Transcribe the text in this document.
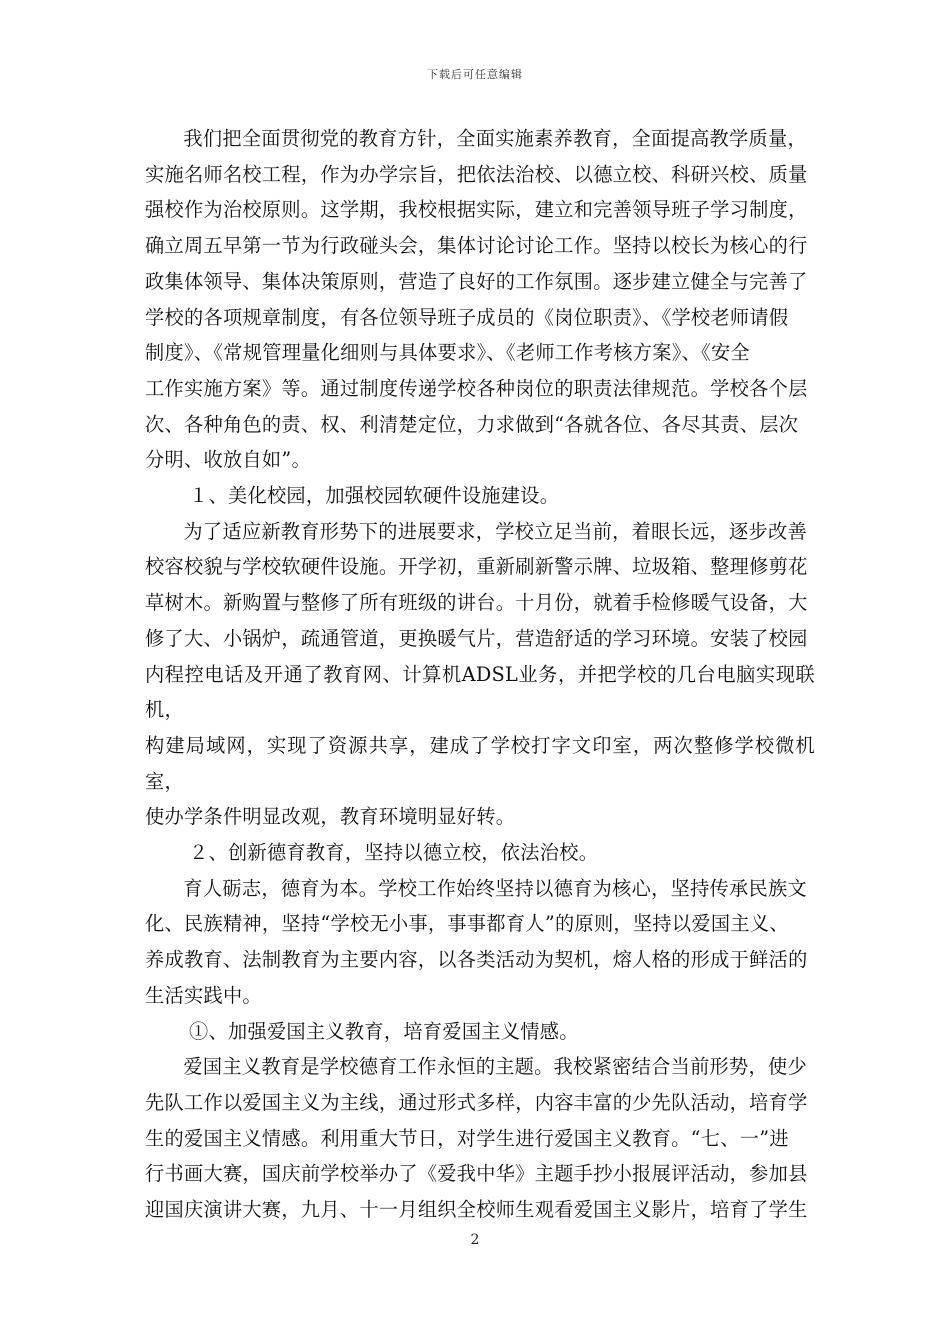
下载后可任意编辑

我们把全面贯彻党的教育方针，全面实施素养教育，全面提高教学质量，
实施名师名校工程，作为办学宗旨，把依法治校、以德立校、科研兴校、质量
强校作为治校原则。这学期，我校根据实际，建立和完善领导班子学习制度，
确立周五早第一节为行政碰头会，集体讨论讨论工作。坚持以校长为核心的行
政集体领导、集体决策原则，营造了良好的工作氛围。逐步建立健全与完善了
学校的各项规章制度，有各位领导班子成员的《岗位职责》、《学校老师请假
制度》、《常规管理量化细则与具体要求》、《老师工作考核方案》、《安全
工作实施方案》等。通过制度传递学校各种岗位的职责法律规范。学校各个层
次、各种角色的责、权、利清楚定位，力求做到“各就各位、各尽其责、层次
分明、收放自如”。

１、美化校园，加强校园软硬件设施建设。

为了适应新教育形势下的进展要求，学校立足当前，着眼长远，逐步改善
校容校貌与学校软硬件设施。开学初，重新刷新警示牌、垃圾箱、整理修剪花
草树木。新购置与整修了所有班级的讲台。十月份，就着手检修暖气设备，大
修了大、小锅炉，疏通管道，更换暖气片，营造舒适的学习环境。安装了校园
内程控电话及开通了教育网、计算机ADSL业务，并把学校的几台电脑实现联机，
构建局域网，实现了资源共享，建成了学校打字文印室，两次整修学校微机室，
使办学条件明显改观，教育环境明显好转。

２、创新德育教育，坚持以德立校，依法治校。

育人砺志，德育为本。学校工作始终坚持以德育为核心，坚持传承民族文
化、民族精神，坚持“学校无小事，事事都育人”的原则，坚持以爱国主义、
养成教育、法制教育为主要内容，以各类活动为契机，熔人格的形成于鲜活的
生活实践中。

①、加强爱国主义教育，培育爱国主义情感。

爱国主义教育是学校德育工作永恒的主题。我校紧密结合当前形势，使少
先队工作以爱国主义为主线，通过形式多样，内容丰富的少先队活动，培育学
生的爱国主义情感。利用重大节日，对学生进行爱国主义教育。“七、一”进
行书画大赛，国庆前学校举办了《爱我中华》主题手抄小报展评活动，参加县
迎国庆演讲大赛，九月、十一月组织全校师生观看爱国主义影片，培育了学生

2
